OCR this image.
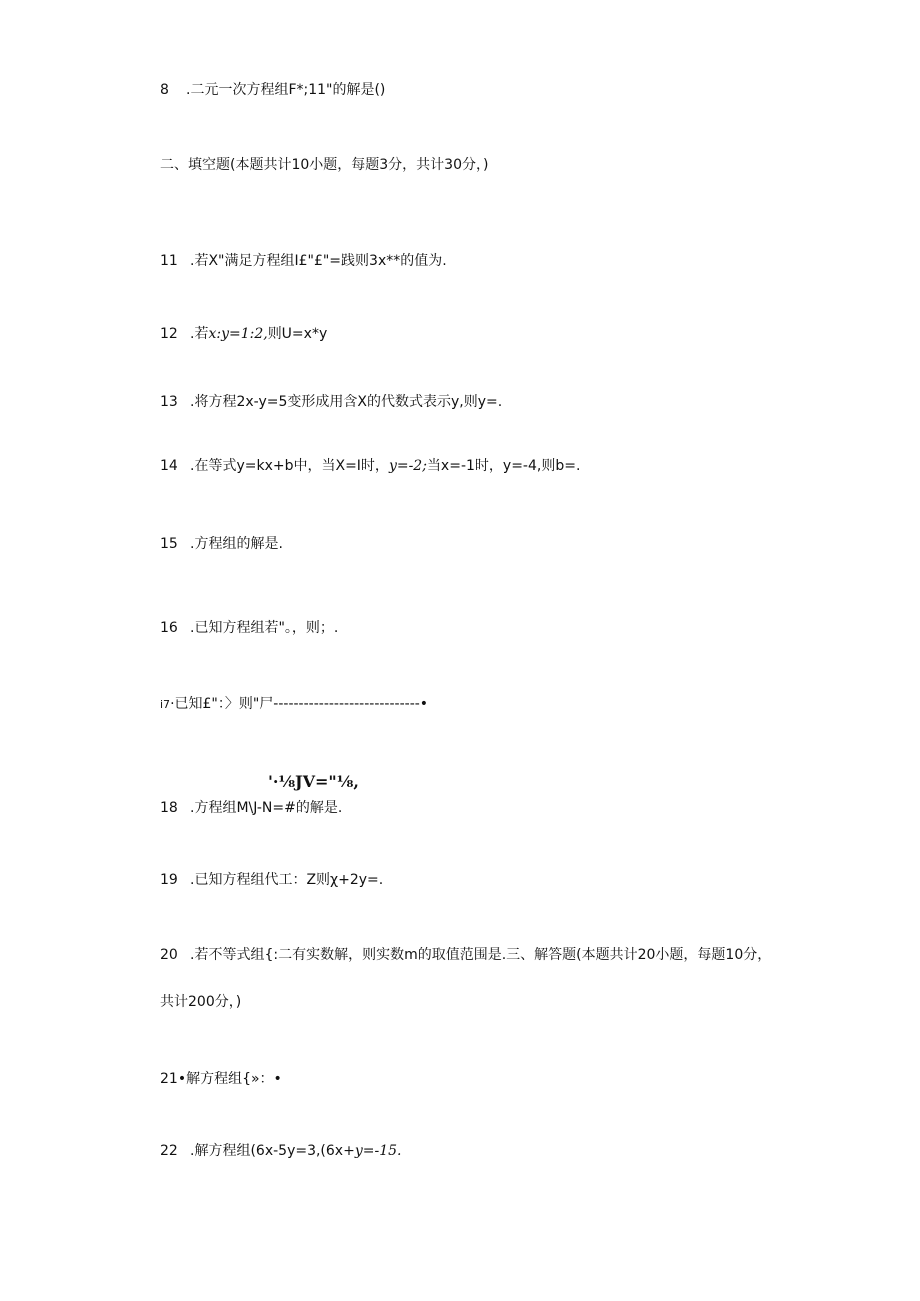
8 .二元一次方程组F*;11"的解是()
二、填空题(本题共计10小题，每题3分，共计30分，)
11 .若X"满足方程组I£"£"=践则3x**的值为.
12 .若x:y=1:2,则U=x*y
13 .将方程2x-y=5变形成用含X的代数式表示y,则y=.
14 .在等式y=kx+b中，当X=I时，y=-2;当x=-1时，y=-4,则b=.
15 .方程组的解是.
16 .已知方程组若"。，则；.
i7·已知£"：〉则"尸-----------------------------•
'·⅛JV="⅛,
18 .方程组M\J-N=#的解是.
19 .已知方程组代工：Z则χ+2y=.
20 .若不等式组{:二有实数解，则实数m的取值范围是.三、解答题(本题共计20小题，每题10分，
共计200分，)
21•解方程组{»：•
22 .解方程组(6x-5y=3,(6x+y=-15.
